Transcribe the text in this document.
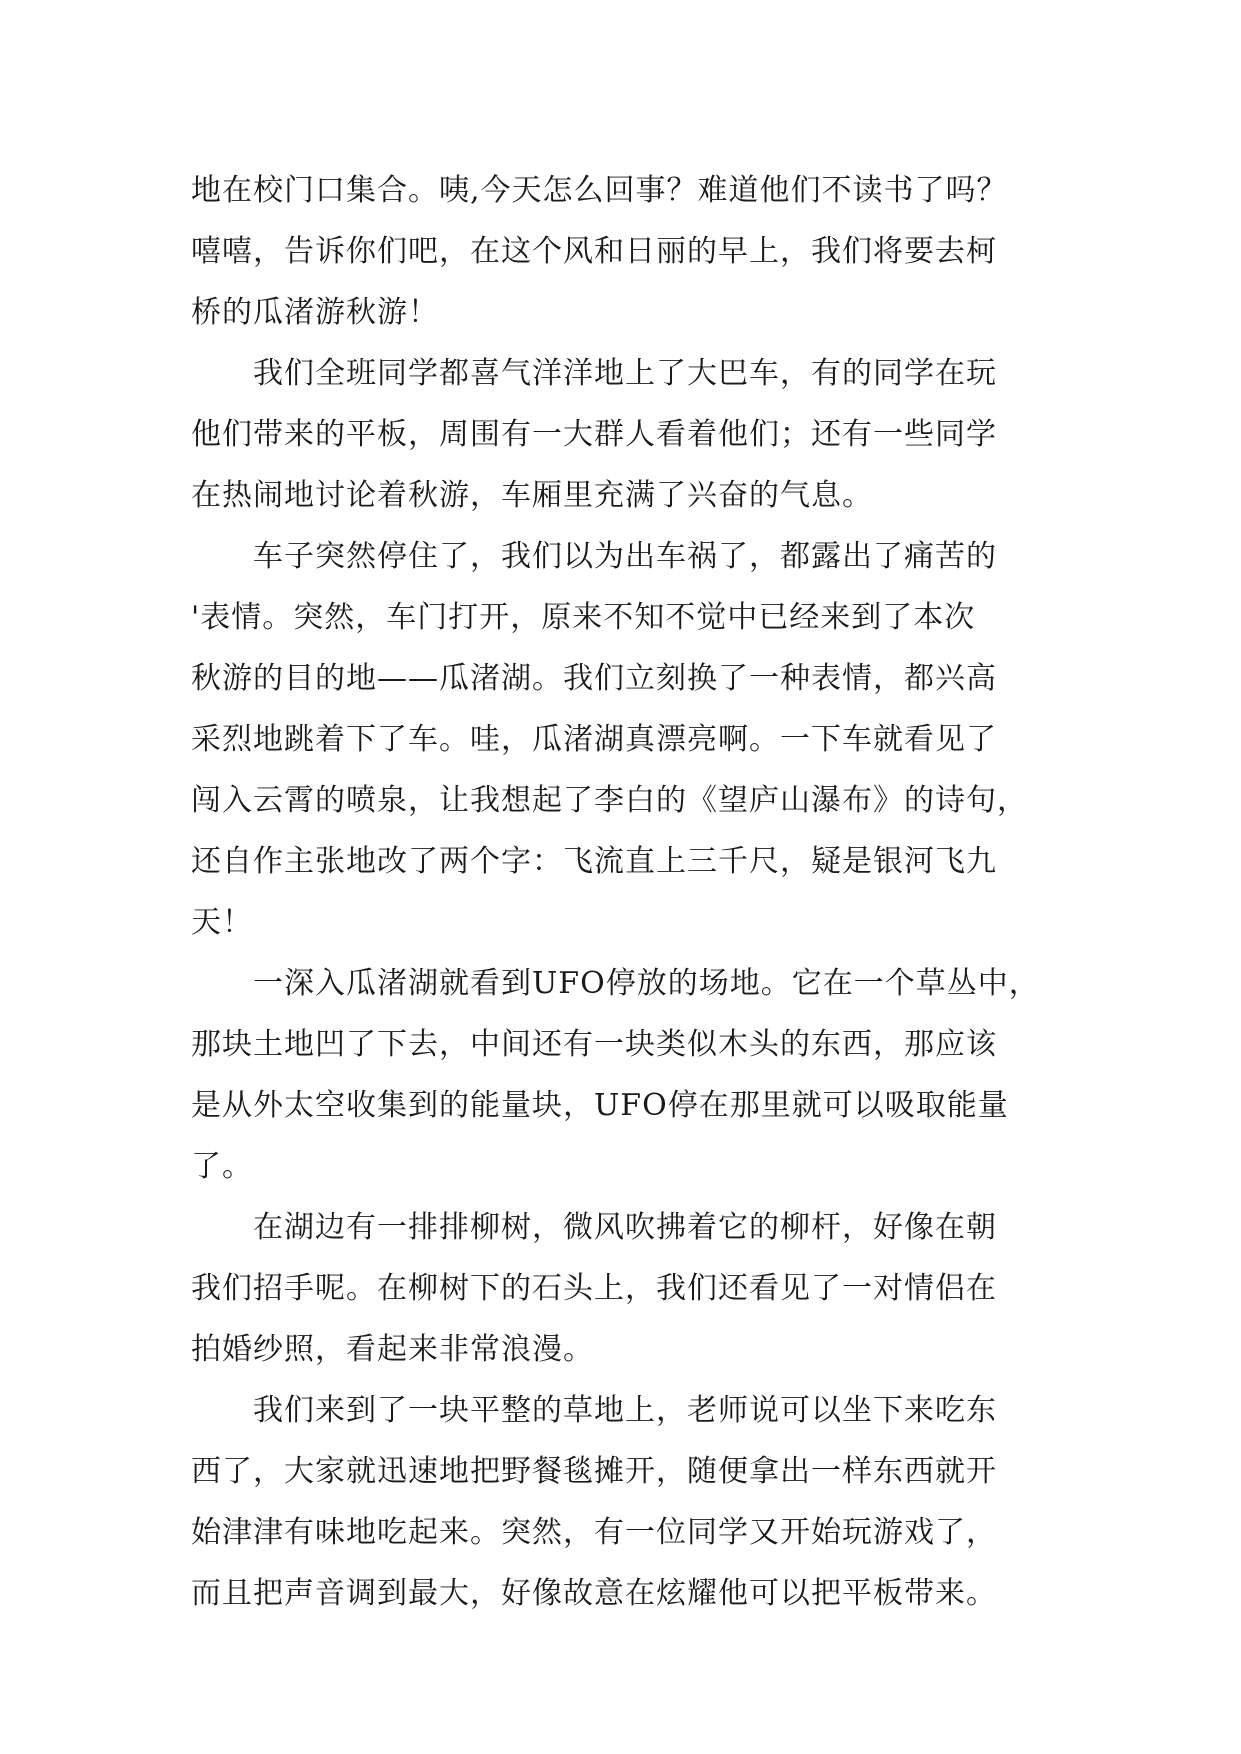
地在校门口集合。咦,今天怎么回事？难道他们不读书了吗？
嘻嘻，告诉你们吧，在这个风和日丽的早上，我们将要去柯
桥的瓜渚游秋游！
　　我们全班同学都喜气洋洋地上了大巴车，有的同学在玩
他们带来的平板，周围有一大群人看着他们；还有一些同学
在热闹地讨论着秋游，车厢里充满了兴奋的气息。
　　车子突然停住了，我们以为出车祸了，都露出了痛苦的
'表情。突然，车门打开，原来不知不觉中已经来到了本次
秋游的目的地——瓜渚湖。我们立刻换了一种表情，都兴高
采烈地跳着下了车。哇，瓜渚湖真漂亮啊。一下车就看见了
闯入云霄的喷泉，让我想起了李白的《望庐山瀑布》的诗句，
还自作主张地改了两个字：飞流直上三千尺，疑是银河飞九
天！
　　一深入瓜渚湖就看到UFO停放的场地。它在一个草丛中，
那块土地凹了下去，中间还有一块类似木头的东西，那应该
是从外太空收集到的能量块，UFO停在那里就可以吸取能量
了。
　　在湖边有一排排柳树，微风吹拂着它的柳杆，好像在朝
我们招手呢。在柳树下的石头上，我们还看见了一对情侣在
拍婚纱照，看起来非常浪漫。
　　我们来到了一块平整的草地上，老师说可以坐下来吃东
西了，大家就迅速地把野餐毯摊开，随便拿出一样东西就开
始津津有味地吃起来。突然，有一位同学又开始玩游戏了，
而且把声音调到最大，好像故意在炫耀他可以把平板带来。
